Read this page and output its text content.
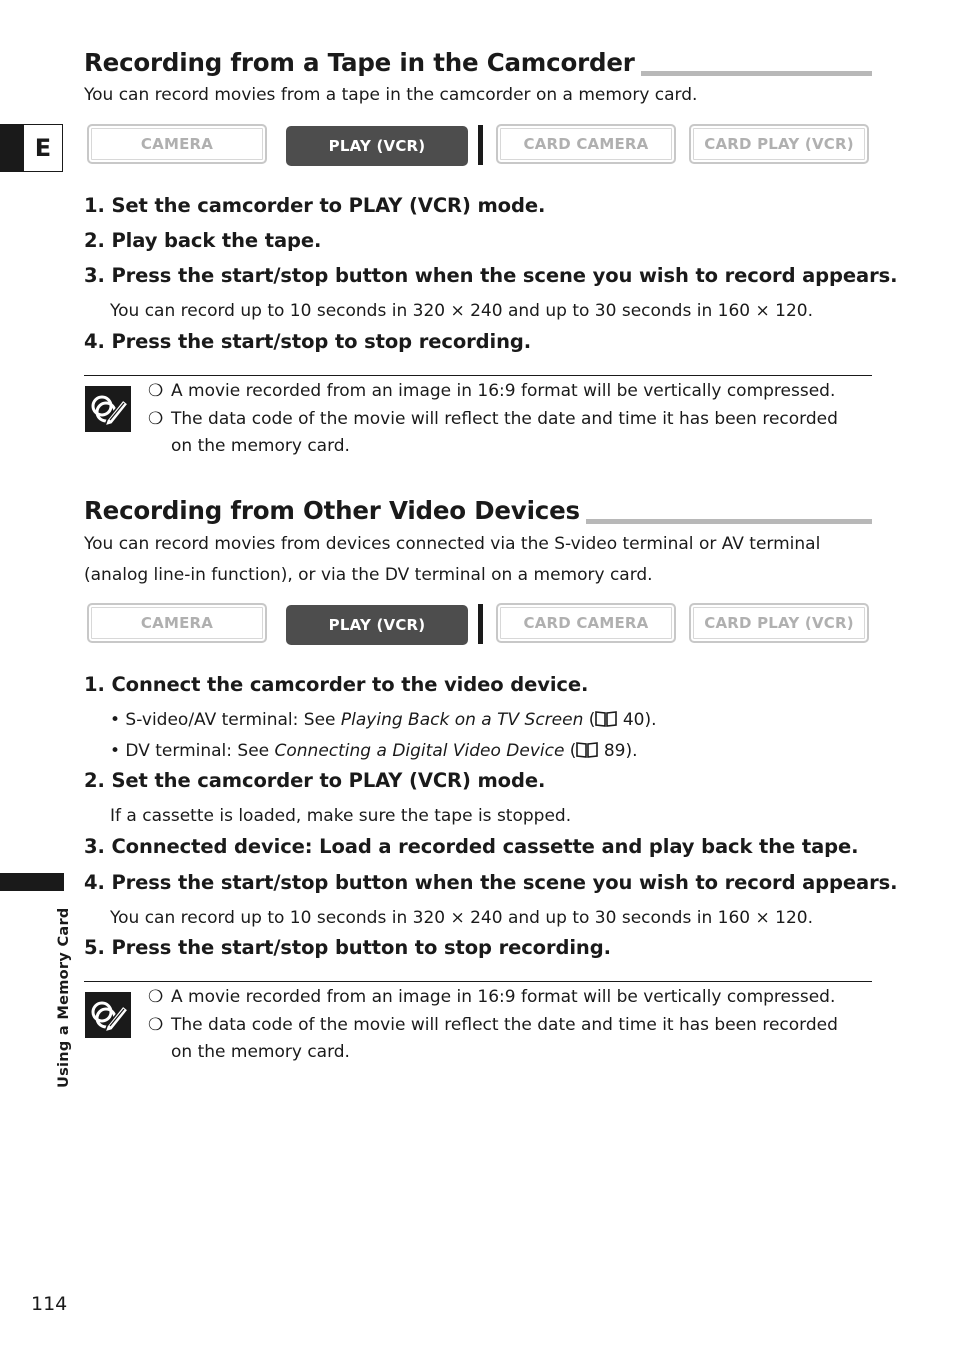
E
Using a Memory Card
Recording from a Tape in the Camcorder
You can record movies from a tape in the camcorder on a memory card.
CAMERA	PLAY (VCR)	CARD CAMERA	CARD PLAY (VCR)
1. Set the camcorder to PLAY (VCR) mode.
2. Play back the tape.
3. Press the start/stop button when the scene you wish to record appears.
You can record up to 10 seconds in 320 × 240 and up to 30 seconds in 160 × 120.
4. Press the start/stop to stop recording.
❍ A movie recorded from an image in 16:9 format will be vertically compressed.
❍ The data code of the movie will reflect the date and time it has been recorded
on the memory card.
Recording from Other Video Devices
You can record movies from devices connected via the S-video terminal or AV terminal
(analog line-in function), or via the DV terminal on a memory card.
CAMERA	PLAY (VCR)	CARD CAMERA	CARD PLAY (VCR)
1. Connect the camcorder to the video device.
• S-video/AV terminal: See Playing Back on a TV Screen ( 40).
• DV terminal: See Connecting a Digital Video Device ( 89).
2. Set the camcorder to PLAY (VCR) mode.
If a cassette is loaded, make sure the tape is stopped.
3. Connected device: Load a recorded cassette and play back the tape.
4. Press the start/stop button when the scene you wish to record appears.
You can record up to 10 seconds in 320 × 240 and up to 30 seconds in 160 × 120.
5. Press the start/stop button to stop recording.
❍ A movie recorded from an image in 16:9 format will be vertically compressed.
❍ The data code of the movie will reflect the date and time it has been recorded
on the memory card.
114
